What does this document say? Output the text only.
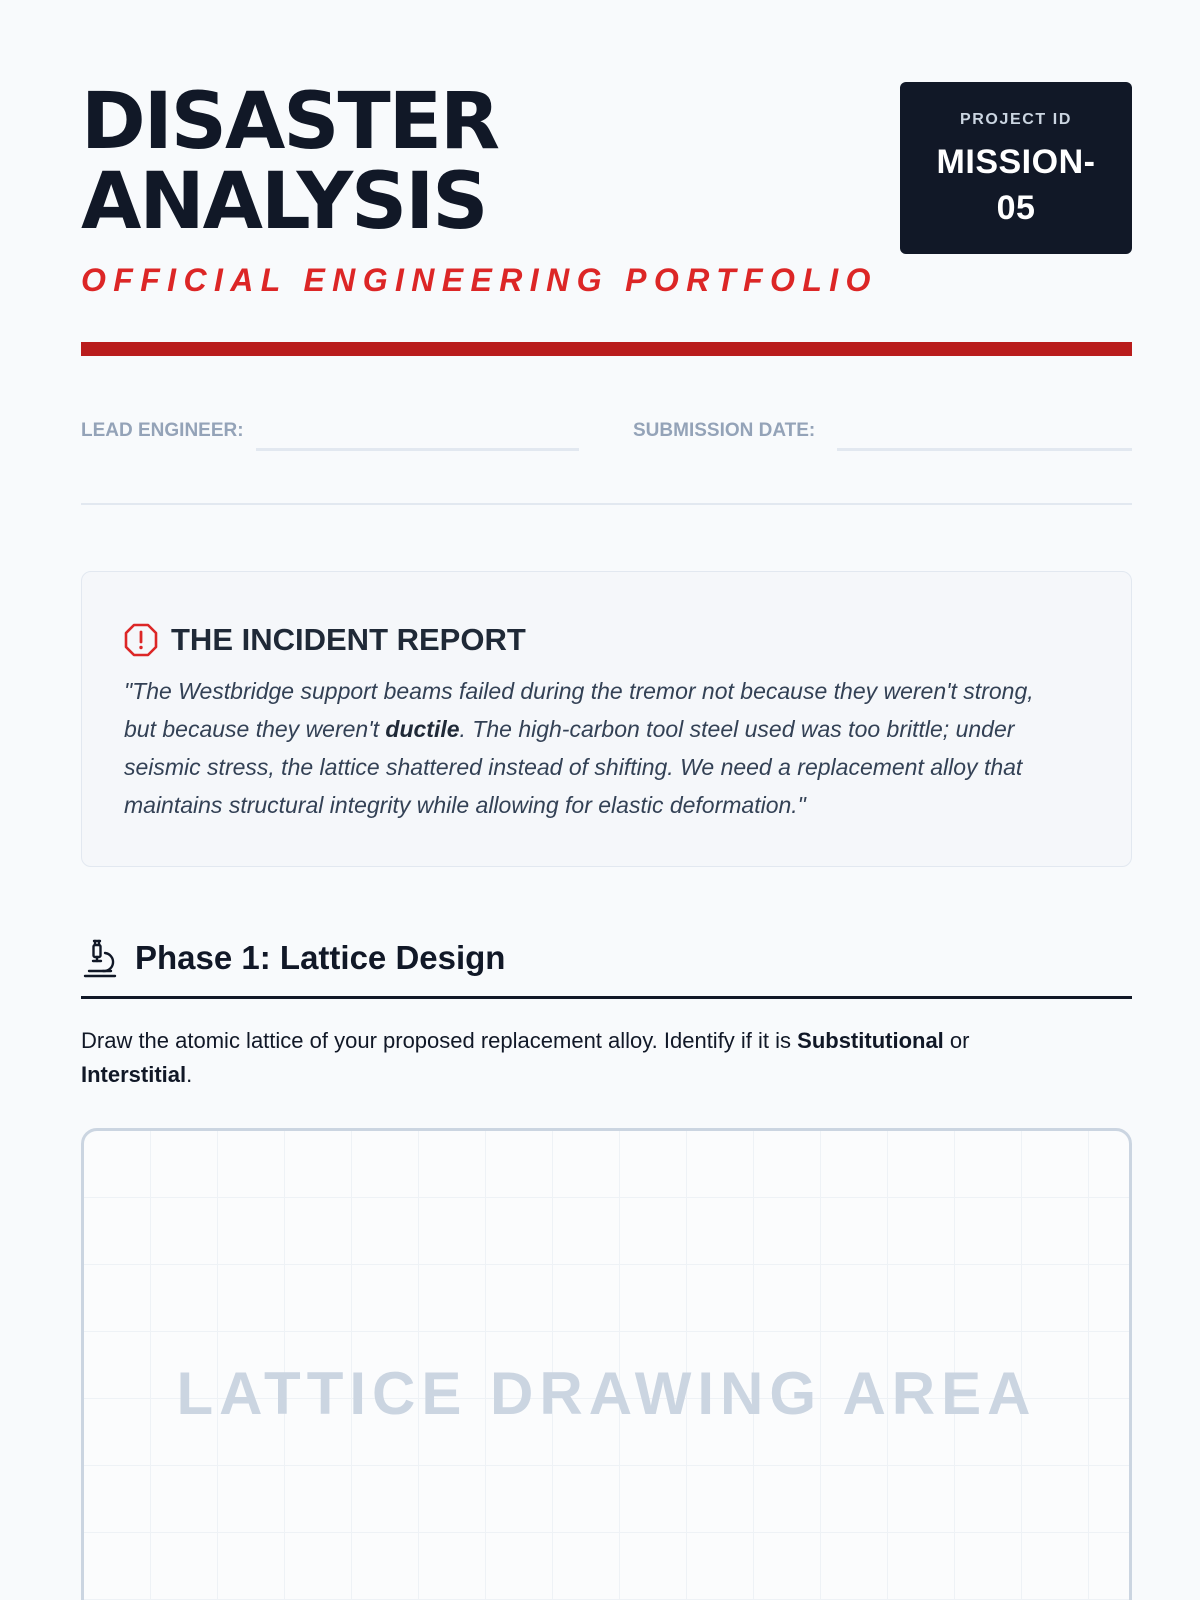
DISASTER
ANALYSIS
OFFICIAL ENGINEERING PORTFOLIO
PROJECT ID
MISSION-05
LEAD ENGINEER:	SUBMISSION DATE:
THE INCIDENT REPORT

"The Westbridge support beams failed during the tremor not because they weren't strong, but because they weren't ductile. The high-carbon tool steel used was too brittle; under seismic stress, the lattice shattered instead of shifting. We need a replacement alloy that maintains structural integrity while allowing for elastic deformation."

Phase 1: Lattice Design

Draw the atomic lattice of your proposed replacement alloy. Identify if it is Substitutional or Interstitial.

LATTICE DRAWING AREA
